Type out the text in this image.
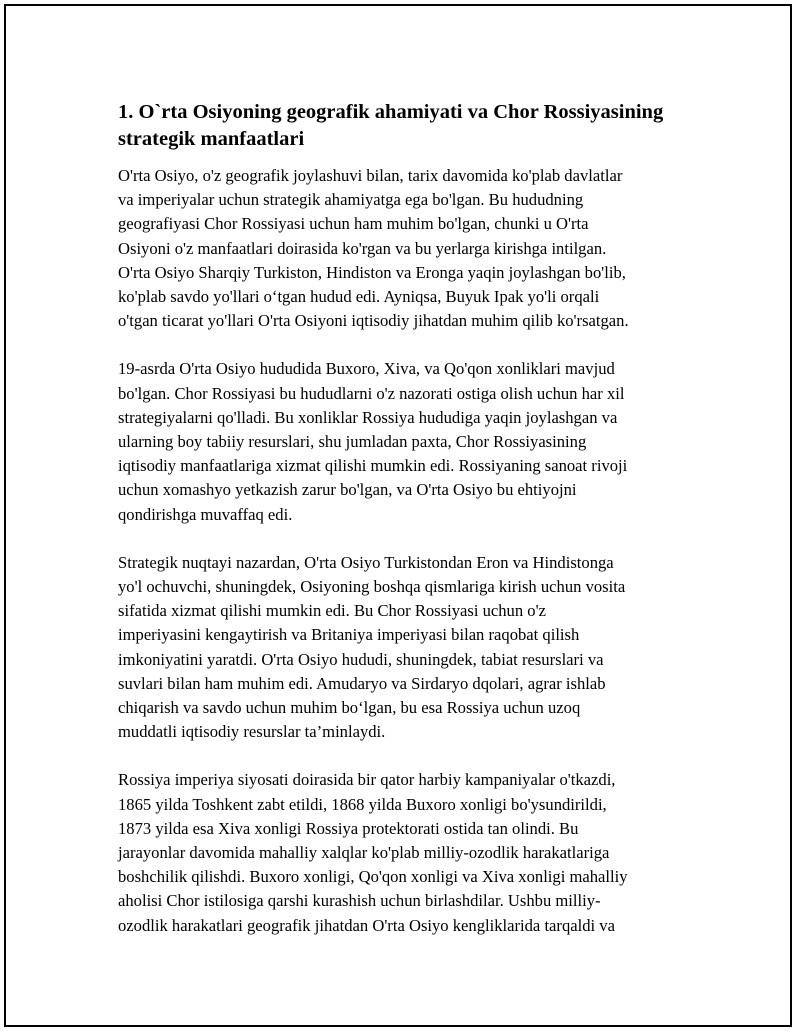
1. O`rta Osiyoning geografik ahamiyati va Chor Rossiyasining
strategik manfaatlari

O'rta Osiyo, o'z geografik joylashuvi bilan, tarix davomida ko'plab davlatlar
va imperiyalar uchun strategik ahamiyatga ega bo'lgan. Bu hududning
geografiyasi Chor Rossiyasi uchun ham muhim bo'lgan, chunki u O'rta
Osiyoni o'z manfaatlari doirasida ko'rgan va bu yerlarga kirishga intilgan.
O'rta Osiyo Sharqiy Turkiston, Hindiston va Eronga yaqin joylashgan bo'lib,
ko'plab savdo yo'llari o‘tgan hudud edi. Ayniqsa, Buyuk Ipak yo'li orqali
o'tgan ticarat yo'llari O'rta Osiyoni iqtisodiy jihatdan muhim qilib ko'rsatgan.

19-asrda O'rta Osiyo hududida Buxoro, Xiva, va Qo'qon xonliklari mavjud
bo'lgan. Chor Rossiyasi bu hududlarni o'z nazorati ostiga olish uchun har xil
strategiyalarni qo'lladi. Bu xonliklar Rossiya hududiga yaqin joylashgan va
ularning boy tabiiy resurslari, shu jumladan paxta, Chor Rossiyasining
iqtisodiy manfaatlariga xizmat qilishi mumkin edi. Rossiyaning sanoat rivoji
uchun xomashyo yetkazish zarur bo'lgan, va O'rta Osiyo bu ehtiyojni
qondirishga muvaffaq edi.

Strategik nuqtayi nazardan, O'rta Osiyo Turkistondan Eron va Hindistonga
yo'l ochuvchi, shuningdek, Osiyoning boshqa qismlariga kirish uchun vosita
sifatida xizmat qilishi mumkin edi. Bu Chor Rossiyasi uchun o'z
imperiyasini kengaytirish va Britaniya imperiyasi bilan raqobat qilish
imkoniyatini yaratdi. O'rta Osiyo hududi, shuningdek, tabiat resurslari va
suvlari bilan ham muhim edi. Amudaryo va Sirdaryo dqolari, agrar ishlab
chiqarish va savdo uchun muhim bo‘lgan, bu esa Rossiya uchun uzoq
muddatli iqtisodiy resurslar ta’minlaydi.

Rossiya imperiya siyosati doirasida bir qator harbiy kampaniyalar o'tkazdi,
1865 yilda Toshkent zabt etildi, 1868 yilda Buxoro xonligi bo'ysundirildi,
1873 yilda esa Xiva xonligi Rossiya protektorati ostida tan olindi. Bu
jarayonlar davomida mahalliy xalqlar ko'plab milliy-ozodlik harakatlariga
boshchilik qilishdi. Buxoro xonligi, Qo'qon xonligi va Xiva xonligi mahalliy
aholisi Chor istilosiga qarshi kurashish uchun birlashdilar. Ushbu milliy-
ozodlik harakatlari geografik jihatdan O'rta Osiyo kengliklarida tarqaldi va
